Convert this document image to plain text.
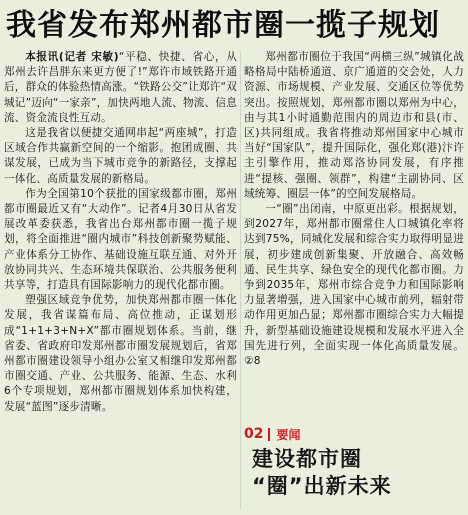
我省发布郑州都市圈一揽子规划

本报讯(记者 宋敏)“平稳、快捷、省心，从郑州去许昌胖东来更方便了!”郑许市域铁路开通后，群众的体验热情高涨。“铁路公交”让郑许“双城记”迈向“一家亲”，加快两地人流、物流、信息流、资金流良性互动。

这是我省以便捷交通网串起“两座城”，打造区域合作共赢新空间的一个缩影。抱团成圈、共谋发展，已成为当下城市竞争的新路径，支撑起一体化、高质量发展的新格局。

作为全国第10个获批的国家级都市圈，郑州都市圈最近又有“大动作”。记者4月30日从省发展改革委获悉，我省出台郑州都市圈一揽子规划，将全面推进“圈内城市”科技创新聚势赋能、产业体系分工协作、基础设施互联互通、对外开放协同共兴、生态环境共保联治、公共服务便利共享等，打造具有国际影响力的现代化都市圈。

塑强区域竞争优势，加快郑州都市圈一体化发展，我省谋篇布局、高位推动，正谋划形成“1+1+3+N+X”都市圈规划体系。当前，继省委、省政府印发郑州都市圈发展规划后，省郑州都市圈建设领导小组办公室又相继印发郑州都市圈交通、产业、公共服务、能源、生态、水利6个专项规划，郑州都市圈规划体系加快构建，发展“蓝图”逐步清晰。

郑州都市圈位于我国“两横三纵”城镇化战略格局中陆桥通道、京广通道的交会处，人力资源、市场规模、产业发展、交通区位等优势突出。按照规划，郑州都市圈以郑州为中心，由与其1小时通勤范围内的周边市和县(市、区)共同组成。我省将推动郑州国家中心城市当好“国家队”，提升国际化，强化郑(港)汴许主引擎作用，推动郑洛协同发展，有序推进“提核、强圈、领群”，构建“主副协同、区域统筹、圈层一体”的空间发展格局。

一“圈”出闭南，中原更出彩。根据规划，到2027年，郑州都市圈常住人口城镇化率将达到75%，同城化发展和综合实力取得明显进展，初步建成创新集聚、开放融合、高效畅通、民生共享、绿色安全的现代化都市圈。力争到2035年，郑州市综合竞争力和国际影响力显著增强，进入国家中心城市前列，辐射带动作用更加凸显；郑州都市圈综合实力大幅提升，新型基础设施建设规模和发展水平进入全国先进行列，全面实现一体化高质量发展。②8

02 要闻
建设都市圈
“圈”出新未来
